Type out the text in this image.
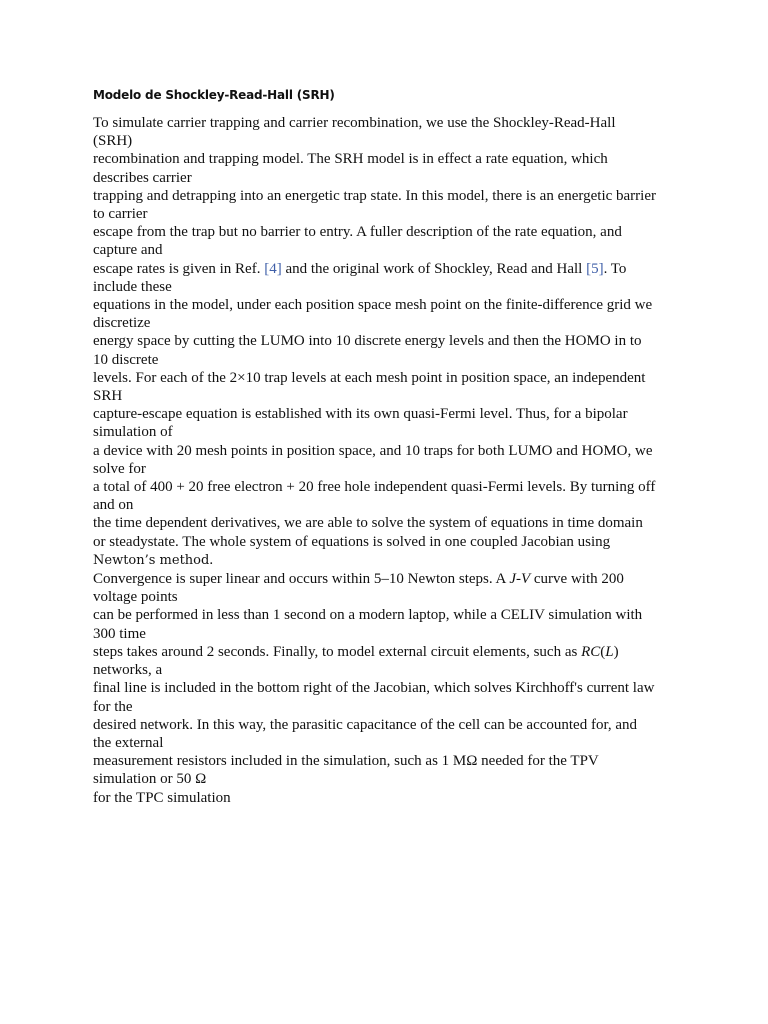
Modelo de Shockley-Read-Hall (SRH)
To simulate carrier trapping and carrier recombination, we use the Shockley-Read-Hall
(SRH)
recombination and trapping model. The SRH model is in effect a rate equation, which
describes carrier
trapping and detrapping into an energetic trap state. In this model, there is an energetic barrier
to carrier
escape from the trap but no barrier to entry. A fuller description of the rate equation, and
capture and
escape rates is given in Ref. [4] and the original work of Shockley, Read and Hall [5]. To
include these
equations in the model, under each position space mesh point on the finite-difference grid we
discretize
energy space by cutting the LUMO into 10 discrete energy levels and then the HOMO in to
10 discrete
levels. For each of the 2×10 trap levels at each mesh point in position space, an independent
SRH
capture-escape equation is established with its own quasi-Fermi level. Thus, for a bipolar
simulation of
a device with 20 mesh points in position space, and 10 traps for both LUMO and HOMO, we
solve for
a total of 400 + 20 free electron + 20 free hole independent quasi-Fermi levels. By turning off
and on
the time dependent derivatives, we are able to solve the system of equations in time domain
or steadystate. The whole system of equations is solved in one coupled Jacobian using
Newton’s method.
Convergence is super linear and occurs within 5–10 Newton steps. A J-V curve with 200
voltage points
can be performed in less than 1 second on a modern laptop, while a CELIV simulation with
300 time
steps takes around 2 seconds. Finally, to model external circuit elements, such as RC(L)
networks, a
final line is included in the bottom right of the Jacobian, which solves Kirchhoff's current law
for the
desired network. In this way, the parasitic capacitance of the cell can be accounted for, and
the external
measurement resistors included in the simulation, such as 1 MΩ needed for the TPV
simulation or 50 Ω
for the TPC simulation
